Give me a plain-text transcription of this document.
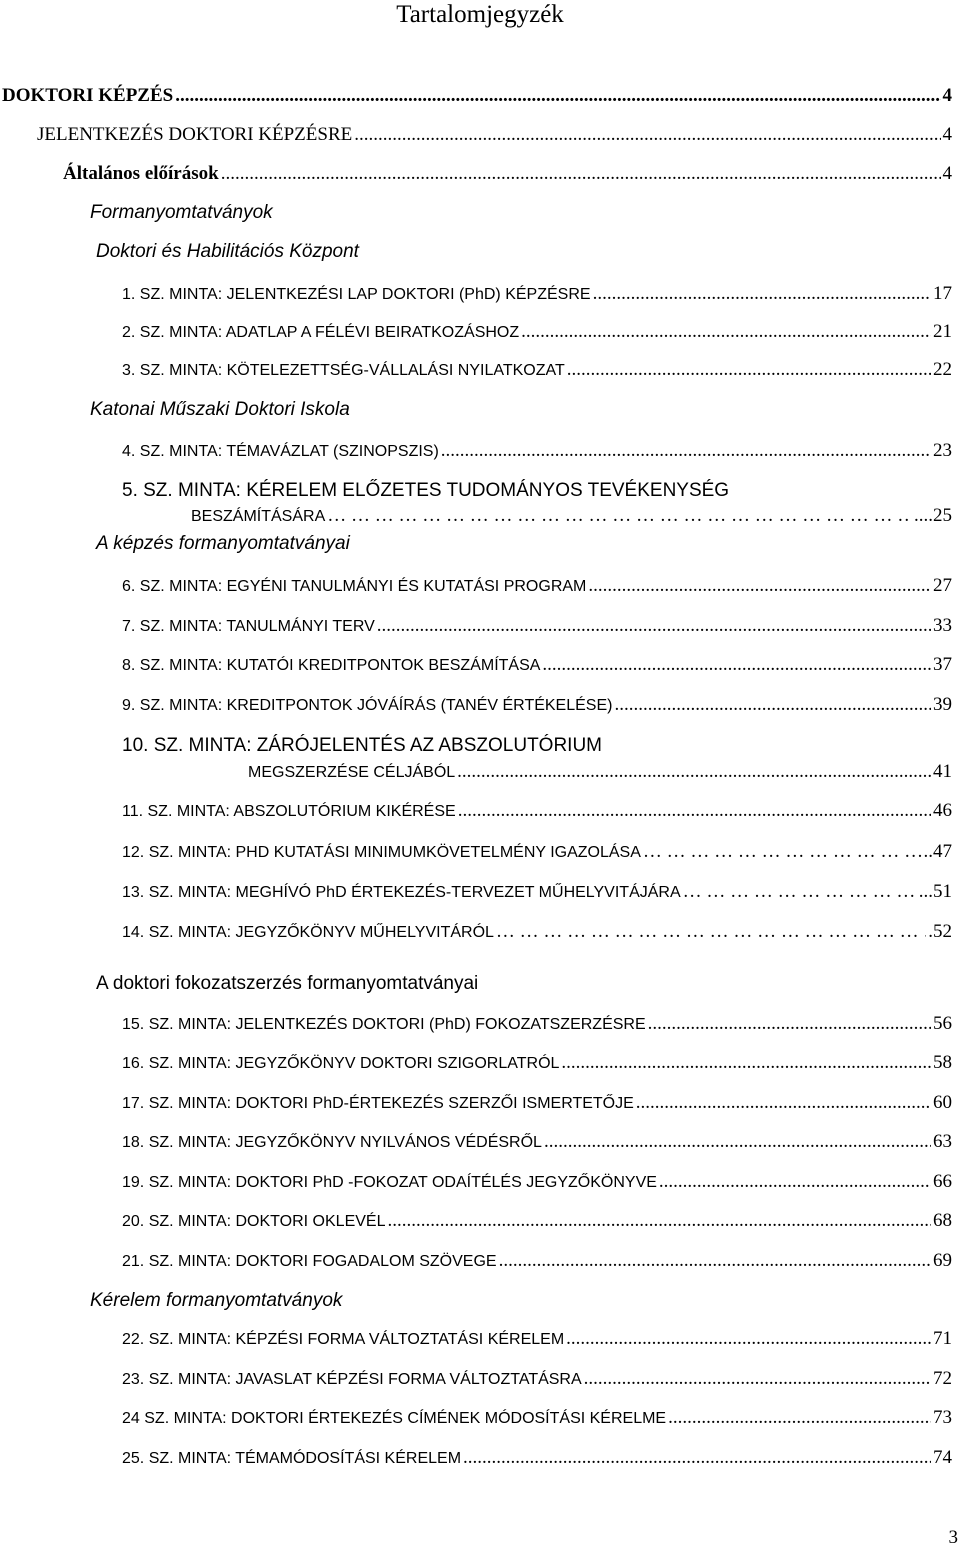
Tartalomjegyzék
DOKTORI KÉPZÉS .....	4
JELENTKEZÉS DOKTORI KÉPZÉSRE .....	4
Általános előírások .....	4
Formanyomtatványok
Doktori és Habilitációs Központ
1. SZ. MINTA: JELENTKEZÉSI LAP DOKTORI (PhD) KÉPZÉSRE .....	17
2. SZ. MINTA: ADATLAP A FÉLÉVI BEIRATKOZÁSHOZ .....	21
3. SZ. MINTA: KÖTELEZETTSÉG-VÁLLALÁSI NYILATKOZAT .....	22
Katonai Műszaki Doktori Iskola
4. SZ. MINTA: TÉMAVÁZLAT (SZINOPSZIS) .....	23
5. SZ. MINTA: KÉRELEM ELŐZETES TUDOMÁNYOS TEVÉKENYSÉG
BESZÁMÍTÁSÁRA … … … … … … … … … … … … … … … … … … … … … … … … … …	....25
A képzés formanyomtatványai
6. SZ. MINTA: EGYÉNI TANULMÁNYI ÉS KUTATÁSI PROGRAM .....	27
7. SZ. MINTA: TANULMÁNYI TERV .....	33
8. SZ. MINTA: KUTATÓI KREDITPONTOK BESZÁMÍTÁSA .....	37
9. SZ. MINTA: KREDITPONTOK JÓVÁÍRÁS (TANÉV ÉRTÉKELÉSE) .....	39
10. SZ. MINTA: ZÁRÓJELENTÉS AZ ABSZOLUTÓRIUM
MEGSZERZÉSE CÉLJÁBÓL .....	41
11. SZ. MINTA: ABSZOLUTÓRIUM KIKÉRÉSE .....	46
12. SZ. MINTA: PHD KUTATÁSI MINIMUMKÖVETELMÉNY IGAZOLÁSA … … … … … … … … … … … … … … … … … … … … … … … … … …	..47
13. SZ. MINTA: MEGHÍVÓ PhD ÉRTEKEZÉS-TERVEZET MŰHELYVITÁJÁRA … … … … … … … … … … … … … … … … … … … … … … … … … …	...51
14. SZ. MINTA: JEGYZŐKÖNYV MŰHELYVITÁRÓL … … … … … … … … … … … … … … … … … … … … … … … … … …	.52
A doktori fokozatszerzés formanyomtatványai
15. SZ. MINTA: JELENTKEZÉS DOKTORI (PhD) FOKOZATSZERZÉSRE .....	56
16. SZ. MINTA: JEGYZŐKÖNYV DOKTORI SZIGORLATRÓL .....	58
17. SZ. MINTA: DOKTORI PhD-ÉRTEKEZÉS SZERZŐI ISMERTETŐJE .....	60
18. SZ. MINTA: JEGYZŐKÖNYV NYILVÁNOS VÉDÉSRŐL .....	63
19. SZ. MINTA: DOKTORI PhD -FOKOZAT ODAÍTÉLÉS JEGYZŐKÖNYVE .....	66
20. SZ. MINTA: DOKTORI OKLEVÉL .....	68
21. SZ. MINTA: DOKTORI FOGADALOM SZÖVEGE .....	69
Kérelem formanyomtatványok
22. SZ. MINTA: KÉPZÉSI FORMA VÁLTOZTATÁSI KÉRELEM .....	71
23. SZ. MINTA: JAVASLAT KÉPZÉSI FORMA VÁLTOZTATÁSRA .....	72
24 SZ. MINTA: DOKTORI ÉRTEKEZÉS CÍMÉNEK MÓDOSÍTÁSI KÉRELME .....	73
25. SZ. MINTA: TÉMAMÓDOSÍTÁSI KÉRELEM .....	74
3
